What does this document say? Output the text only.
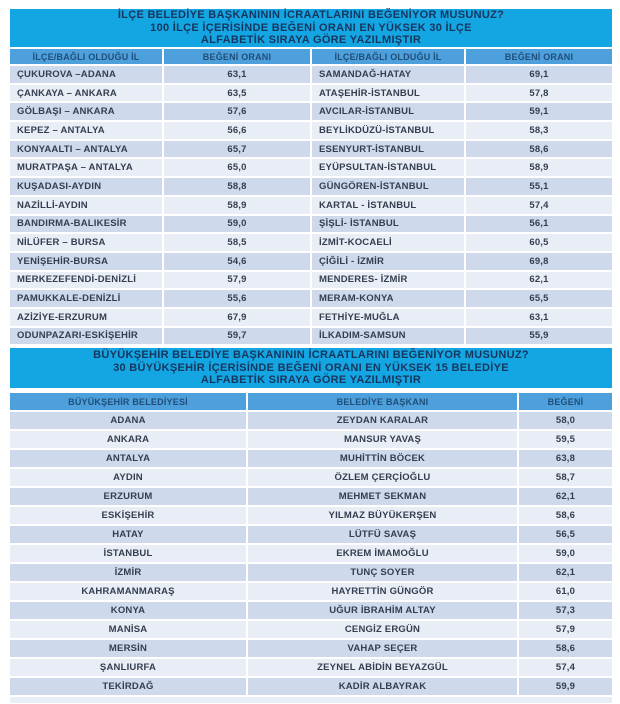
İLÇE BELEDİYE BAŞKANININ İCRAATLARINI BEĞENİYOR MUSUNUZ?
100 İLÇE İÇERİSİNDE BEĞENİ ORANI EN YÜKSEK 30 İLÇE
ALFABETİK SIRAYA GÖRE YAZILMIŞTIR
İLÇE/BAĞLI OLDUĞU İL	BEĞENİ ORANI	İLÇE/BAĞLI OLDUĞU İL	BEĞENİ ORANI
ÇUKUROVA –ADANA	63,1	SAMANDAĞ-HATAY	69,1
ÇANKAYA – ANKARA	63,5	ATAŞEHİR-İSTANBUL	57,8
GÖLBAŞI – ANKARA	57,6	AVCILAR-İSTANBUL	59,1
KEPEZ – ANTALYA	56,6	BEYLİKDÜZÜ-İSTANBUL	58,3
KONYAALTI – ANTALYA	65,7	ESENYURT-İSTANBUL	58,6
MURATPAŞA – ANTALYA	65,0	EYÜPSULTAN-İSTANBUL	58,9
KUŞADASI-AYDIN	58,8	GÜNGÖREN-İSTANBUL	55,1
NAZİLLİ-AYDIN	58,9	KARTAL - İSTANBUL	57,4
BANDIRMA-BALIKESİR	59,0	ŞİŞLİ- İSTANBUL	56,1
NİLÜFER – BURSA	58,5	İZMİT-KOCAELİ	60,5
YENİŞEHİR-BURSA	54,6	ÇİĞİLİ - İZMİR	69,8
MERKEZEFENDİ-DENİZLİ	57,9	MENDERES- İZMİR	62,1
PAMUKKALE-DENİZLİ	55,6	MERAM-KONYA	65,5
AZİZİYE-ERZURUM	67,9	FETHİYE-MUĞLA	63,1
ODUNPAZARI-ESKİŞEHİR	59,7	İLKADIM-SAMSUN	55,9
BÜYÜKŞEHİR BELEDİYE BAŞKANININ İCRAATLARINI BEĞENİYOR MUSUNUZ?
30 BÜYÜKŞEHİR İÇERİSİNDE BEĞENİ ORANI EN YÜKSEK 15 BELEDİYE
ALFABETİK SIRAYA GÖRE YAZILMIŞTIR
BÜYÜKŞEHİR BELEDİYESİ	BELEDİYE BAŞKANI	BEĞENİ
ADANA	ZEYDAN KARALAR	58,0
ANKARA	MANSUR YAVAŞ	59,5
ANTALYA	MUHİTTİN BÖCEK	63,8
AYDIN	ÖZLEM ÇERÇİOĞLU	58,7
ERZURUM	MEHMET SEKMAN	62,1
ESKİŞEHİR	YILMAZ BÜYÜKERŞEN	58,6
HATAY	LÜTFÜ SAVAŞ	56,5
İSTANBUL	EKREM İMAMOĞLU	59,0
İZMİR	TUNÇ SOYER	62,1
KAHRAMANMARAŞ	HAYRETTİN GÜNGÖR	61,0
KONYA	UĞUR İBRAHİM ALTAY	57,3
MANİSA	CENGİZ ERGÜN	57,9
MERSİN	VAHAP SEÇER	58,6
ŞANLIURFA	ZEYNEL ABİDİN BEYAZGÜL	57,4
TEKİRDAĞ	KADİR ALBAYRAK	59,9
